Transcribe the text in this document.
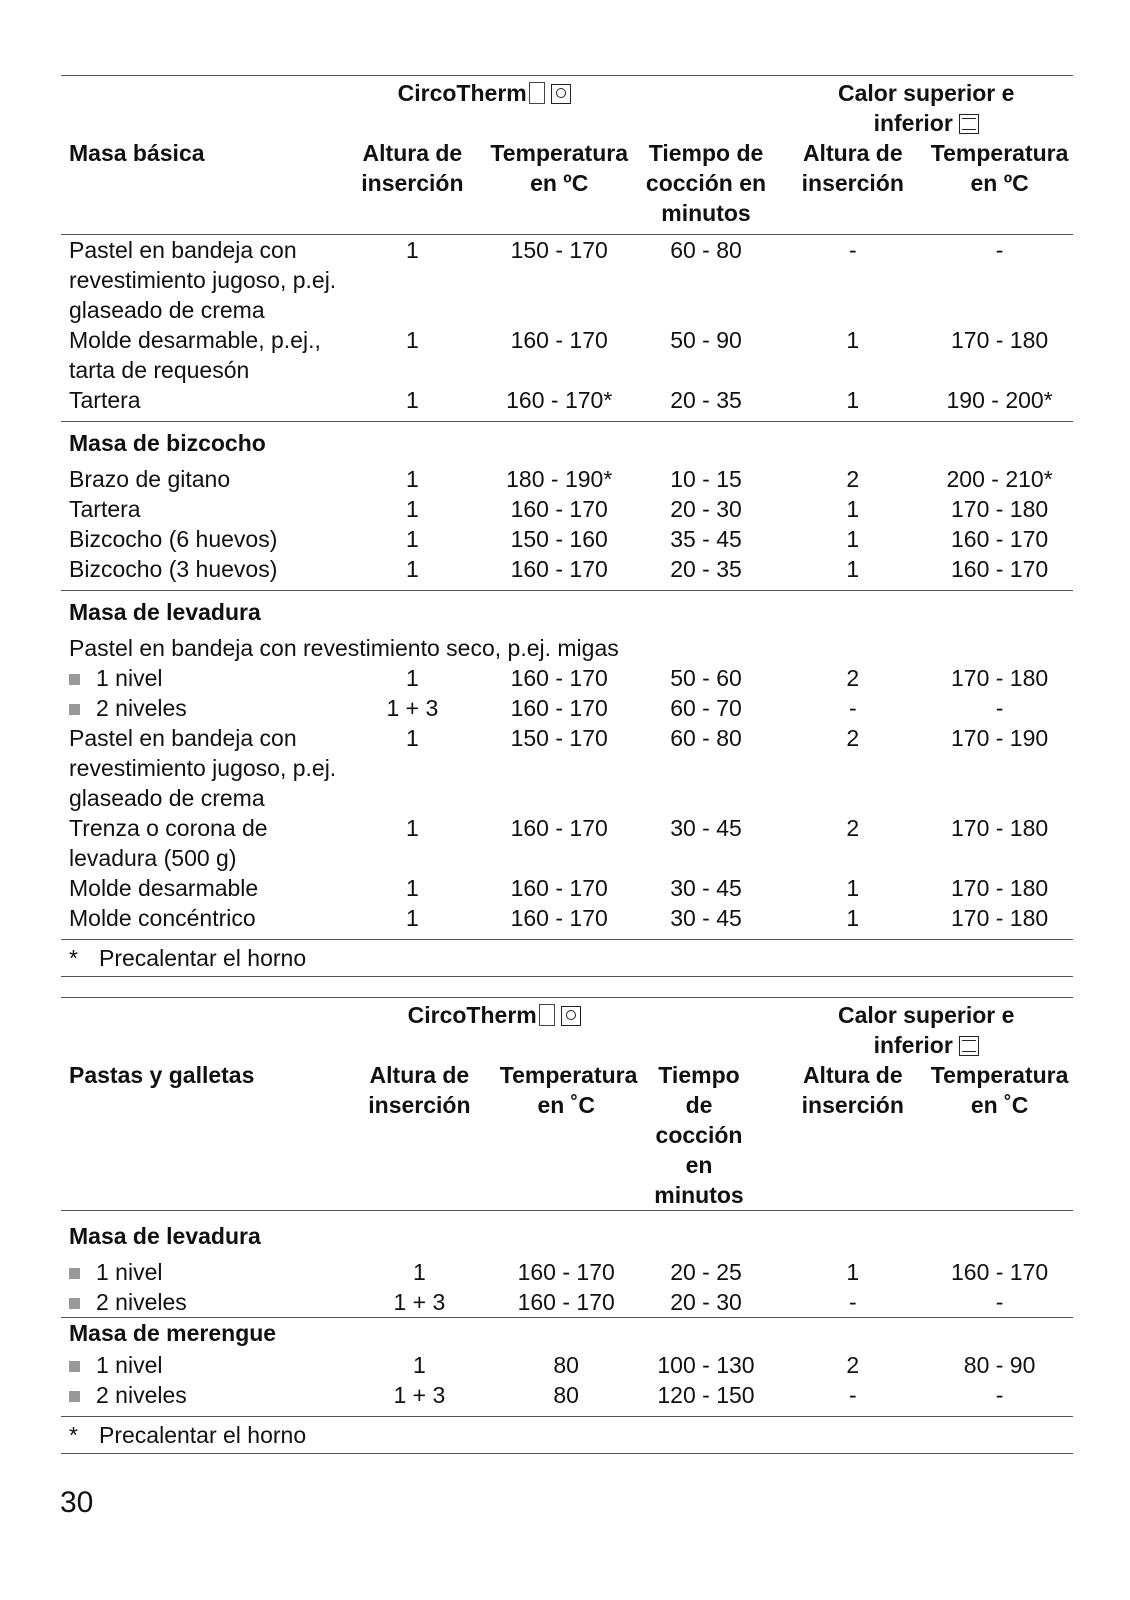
	CircoTherm			Calor superior e
inferior	

Masa básica	Altura de inserción	Temperatura en ºC	Tiempo de cocción en minutos	Altura de inserción	Temperatura en ºC
Pastel en bandeja con revestimiento jugoso, p.ej. glaseado de crema	1	150 - 170	60 - 80	-	-
Molde desarmable, p.ej., tarta de requesón	1	160 - 170	50 - 90	1	170 - 180
Tartera	1	160 - 170*	20 - 35	1	190 - 200*
Masa de bizcocho					
Brazo de gitano	1	180 - 190*	10 - 15	2	200 - 210*
Tartera	1	160 - 170	20 - 30	1	170 - 180
Bizcocho (6 huevos)	1	150 - 160	35 - 45	1	160 - 170
Bizcocho (3 huevos)	1	160 - 170	20 - 35	1	160 - 170
Masa de levadura					
Pastel en bandeja con revestimiento seco, p.ej. migas					
1 nivel	1	160 - 170	50 - 60	2	170 - 180
2 niveles	1 + 3	160 - 170	60 - 70	-	-
Pastel en bandeja con revestimiento jugoso, p.ej. glaseado de crema	1	150 - 170	60 - 80	2	170 - 190
Trenza o corona de levadura (500 g)	1	160 - 170	30 - 45	2	170 - 180
Molde desarmable	1	160 - 170	30 - 45	1	170 - 180
Molde concéntrico	1	160 - 170	30 - 45	1	170 - 180
* Precalentar el horno					
	CircoTherm			Calor superior e
inferior	

Pastas y galletas	Altura de inserción	Temperatura en ˚C	Tiempo de cocción en minutos	Altura de inserción	Temperatura en ˚C
Masa de levadura					
1 nivel	1	160 - 170	20 - 25	1	160 - 170
2 niveles	1 + 3	160 - 170	20 - 30	-	-
Masa de merengue					
1 nivel	1	80	100 - 130	2	80 - 90
2 niveles	1 + 3	80	120 - 150	-	-
* Precalentar el horno					
30
